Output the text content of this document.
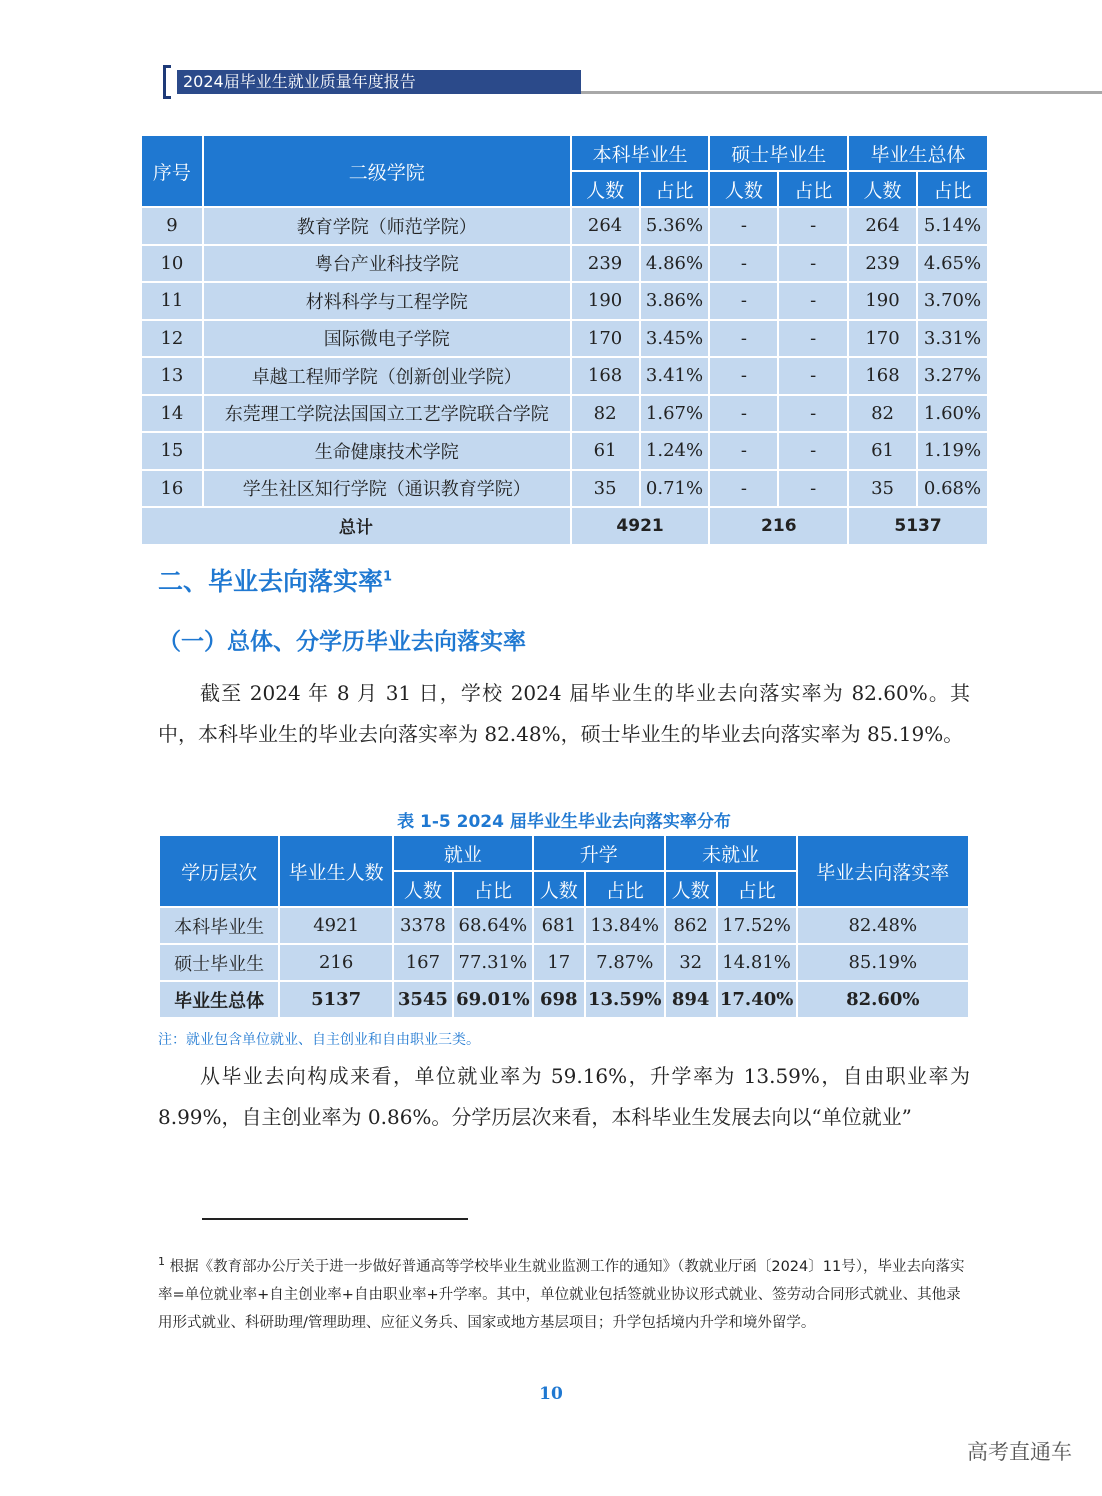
2024届毕业生就业质量年度报告
序号	二级学院	本科毕业生		硕士毕业生		毕业生总体	
		人数	占比	人数	占比	人数	占比
9	教育学院（师范学院）	264	5.36%	-	-	264	5.14%
10	粤台产业科技学院	239	4.86%	-	-	239	4.65%
11	材料科学与工程学院	190	3.86%	-	-	190	3.70%
12	国际微电子学院	170	3.45%	-	-	170	3.31%
13	卓越工程师学院（创新创业学院）	168	3.41%	-	-	168	3.27%
14	东莞理工学院法国国立工艺学院联合学院	82	1.67%	-	-	82	1.60%
15	生命健康技术学院	61	1.24%	-	-	61	1.19%
16	学生社区知行学院（通识教育学院）	35	0.71%	-	-	35	0.68%
总计		4921		216		5137	
二、毕业去向落实率$^1$
（一）总体、分学历毕业去向落实率

截至 2024 年 8 月 31 日，学校 2024 届毕业生的毕业去向落实率为 82.60%。其中，本科毕业生的毕业去向落实率为 82.48%，硕士毕业生的毕业去向落实率为 85.19%。

表 1-5 2024 届毕业生毕业去向落实率分布
学历层次	毕业生人数	就业		升学		未就业		毕业去向落实率
		人数	占比	人数	占比	人数	占比	
本科毕业生	4921	3378	68.64%	681	13.84%	862	17.52%	82.48%
硕士毕业生	216	167	77.31%	17	7.87%	32	14.81%	85.19%
毕业生总体	5137	3545	69.01%	698	13.59%	894	17.40%	82.60%
注：就业包含单位就业、自主创业和自由职业三类。

从毕业去向构成来看，单位就业率为 59.16%，升学率为 13.59%，自由职业率为 8.99%，自主创业率为 0.86%。分学历层次来看，本科毕业生发展去向以“单位就业”

$^1$ 根据《教育部办公厅关于进一步做好普通高等学校毕业生就业监测工作的通知》（教就业厅函〔2024〕11号），毕业去向落实率=单位就业率+自主创业率+自由职业率+升学率。其中，单位就业包括签就业协议形式就业、签劳动合同形式就业、其他录用形式就业、科研助理/管理助理、应征义务兵、国家或地方基层项目；升学包括境内升学和境外留学。
10
高考直通车
